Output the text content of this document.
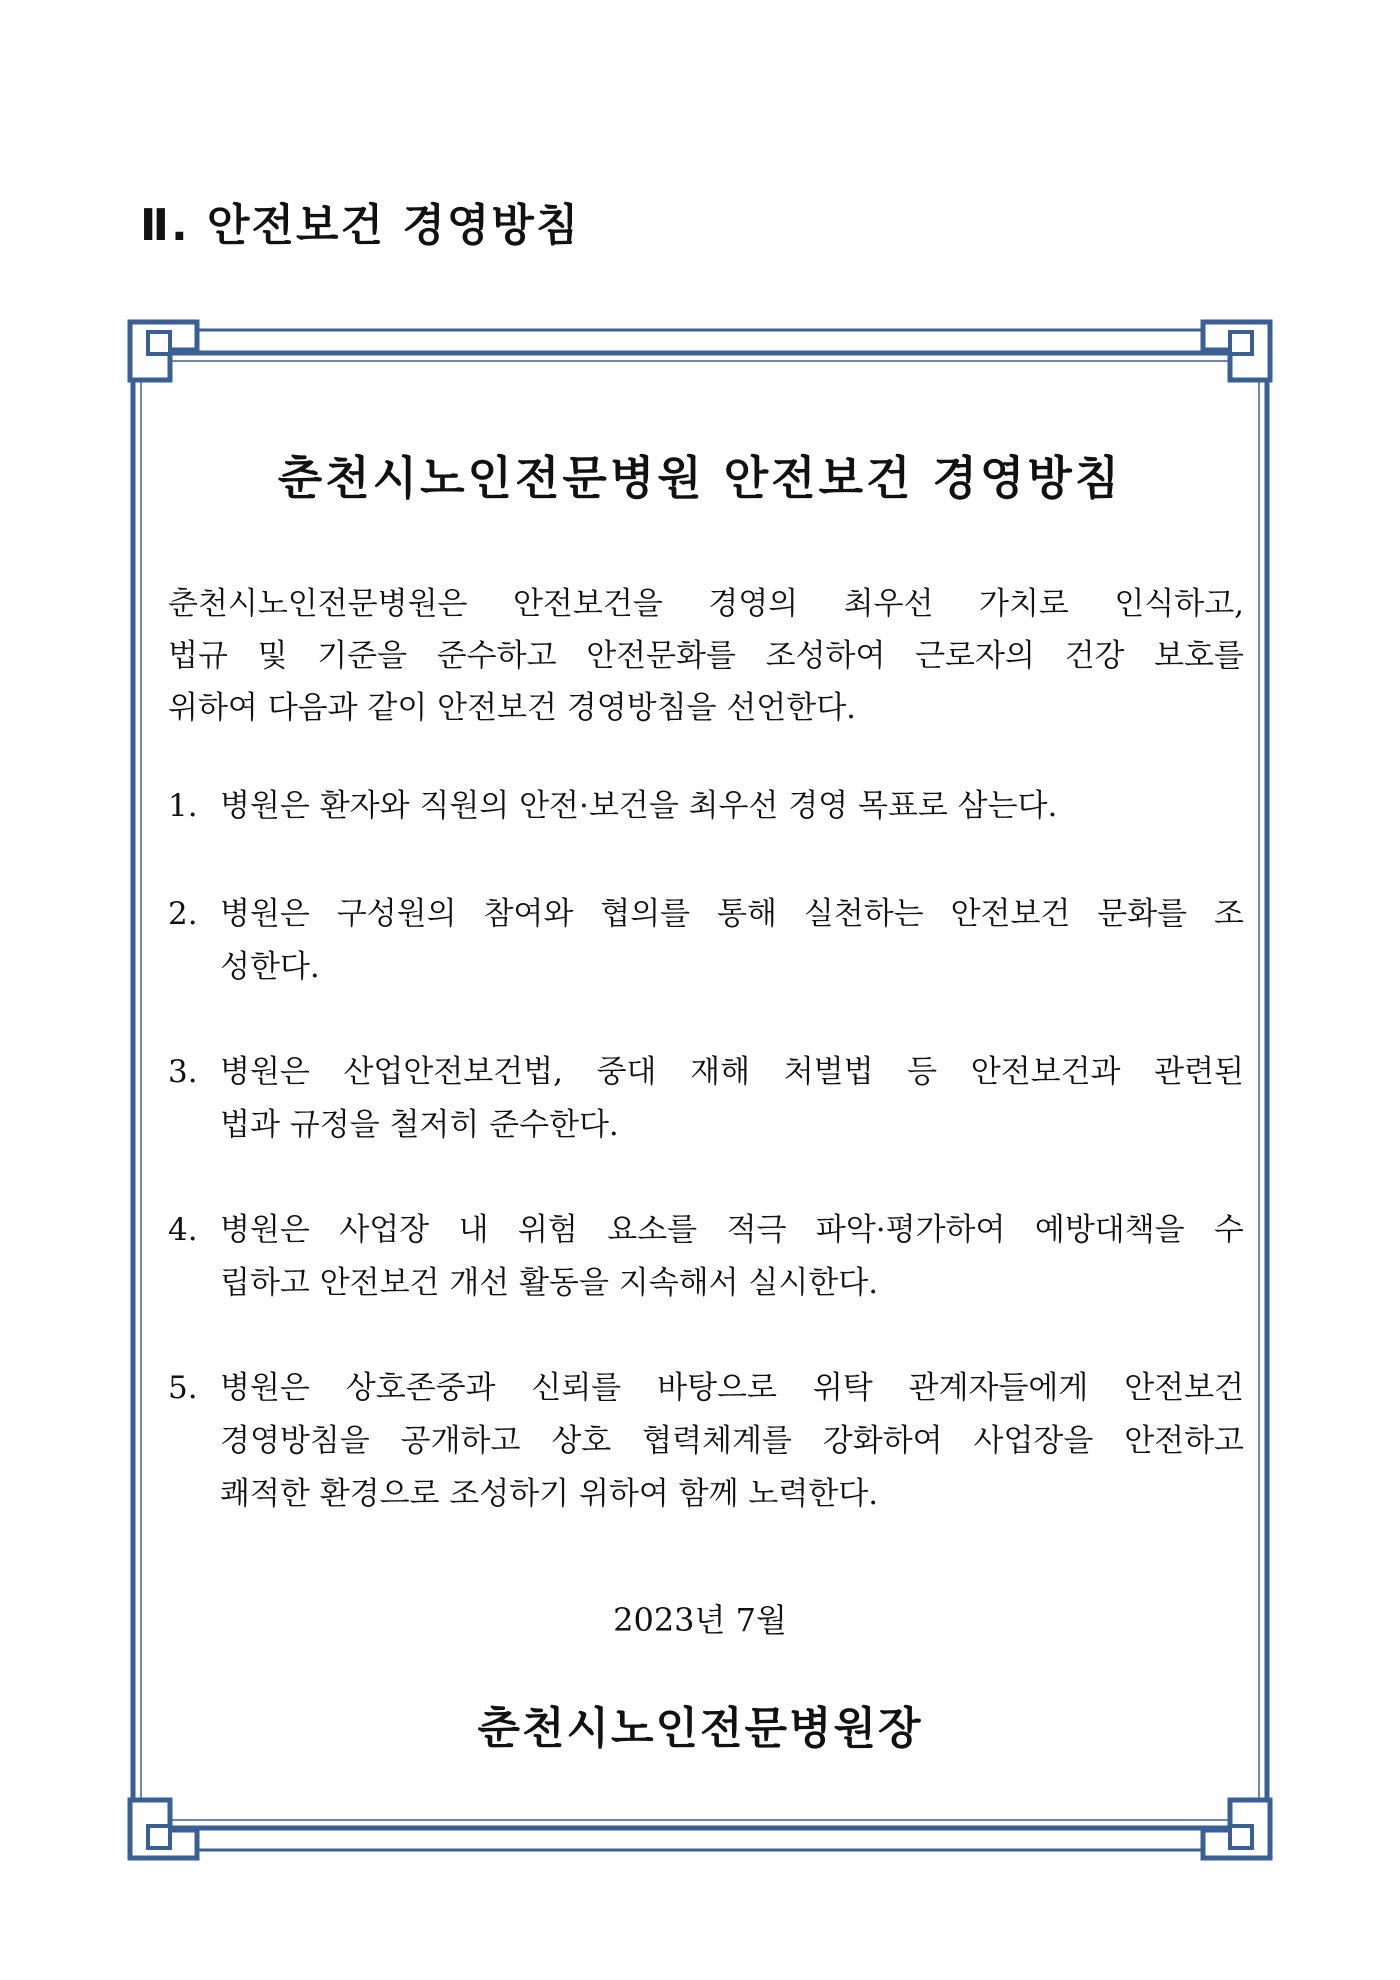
Ⅱ. 안전보건 경영방침
춘천시노인전문병원 안전보건 경영방침
춘천시노인전문병원은 안전보건을 경영의 최우선 가치로 인식하고,
법규 및 기준을 준수하고 안전문화를 조성하여 근로자의 건강 보호를
위하여 다음과 같이 안전보건 경영방침을 선언한다.
1. 병원은 환자와 직원의 안전·보건을 최우선 경영 목표로 삼는다.
2. 병원은 구성원의 참여와 협의를 통해 실천하는 안전보건 문화를 조
성한다.
3. 병원은 산업안전보건법, 중대 재해 처벌법 등 안전보건과 관련된
법과 규정을 철저히 준수한다.
4. 병원은 사업장 내 위험 요소를 적극 파악·평가하여 예방대책을 수
립하고 안전보건 개선 활동을 지속해서 실시한다.
5. 병원은 상호존중과 신뢰를 바탕으로 위탁 관계자들에게 안전보건
경영방침을 공개하고 상호 협력체계를 강화하여 사업장을 안전하고
쾌적한 환경으로 조성하기 위하여 함께 노력한다.
2023년 7월
춘천시노인전문병원장
